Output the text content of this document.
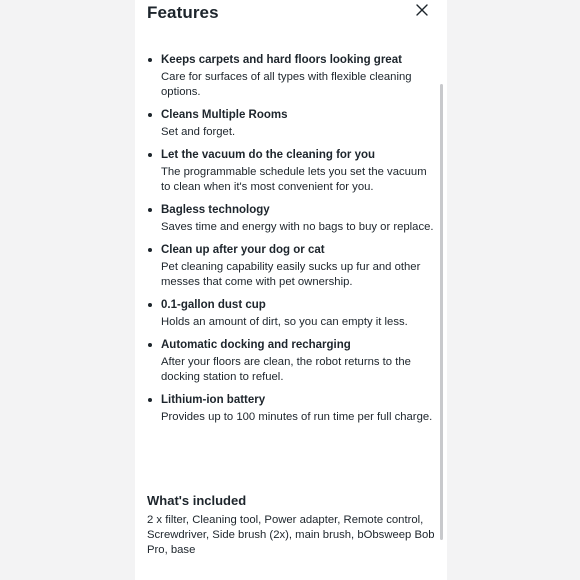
Features
Keeps carpets and hard floors looking great
Care for surfaces of all types with flexible cleaning options.
Cleans Multiple Rooms
Set and forget.
Let the vacuum do the cleaning for you
The programmable schedule lets you set the vacuum to clean when it's most convenient for you.
Bagless technology
Saves time and energy with no bags to buy or replace.
Clean up after your dog or cat
Pet cleaning capability easily sucks up fur and other messes that come with pet ownership.
0.1-gallon dust cup
Holds an amount of dirt, so you can empty it less.
Automatic docking and recharging
After your floors are clean, the robot returns to the docking station to refuel.
Lithium-ion battery
Provides up to 100 minutes of run time per full charge.
What's included
2 x filter, Cleaning tool, Power adapter, Remote control, Screwdriver, Side brush (2x), main brush, bObsweep Bob Pro, base
